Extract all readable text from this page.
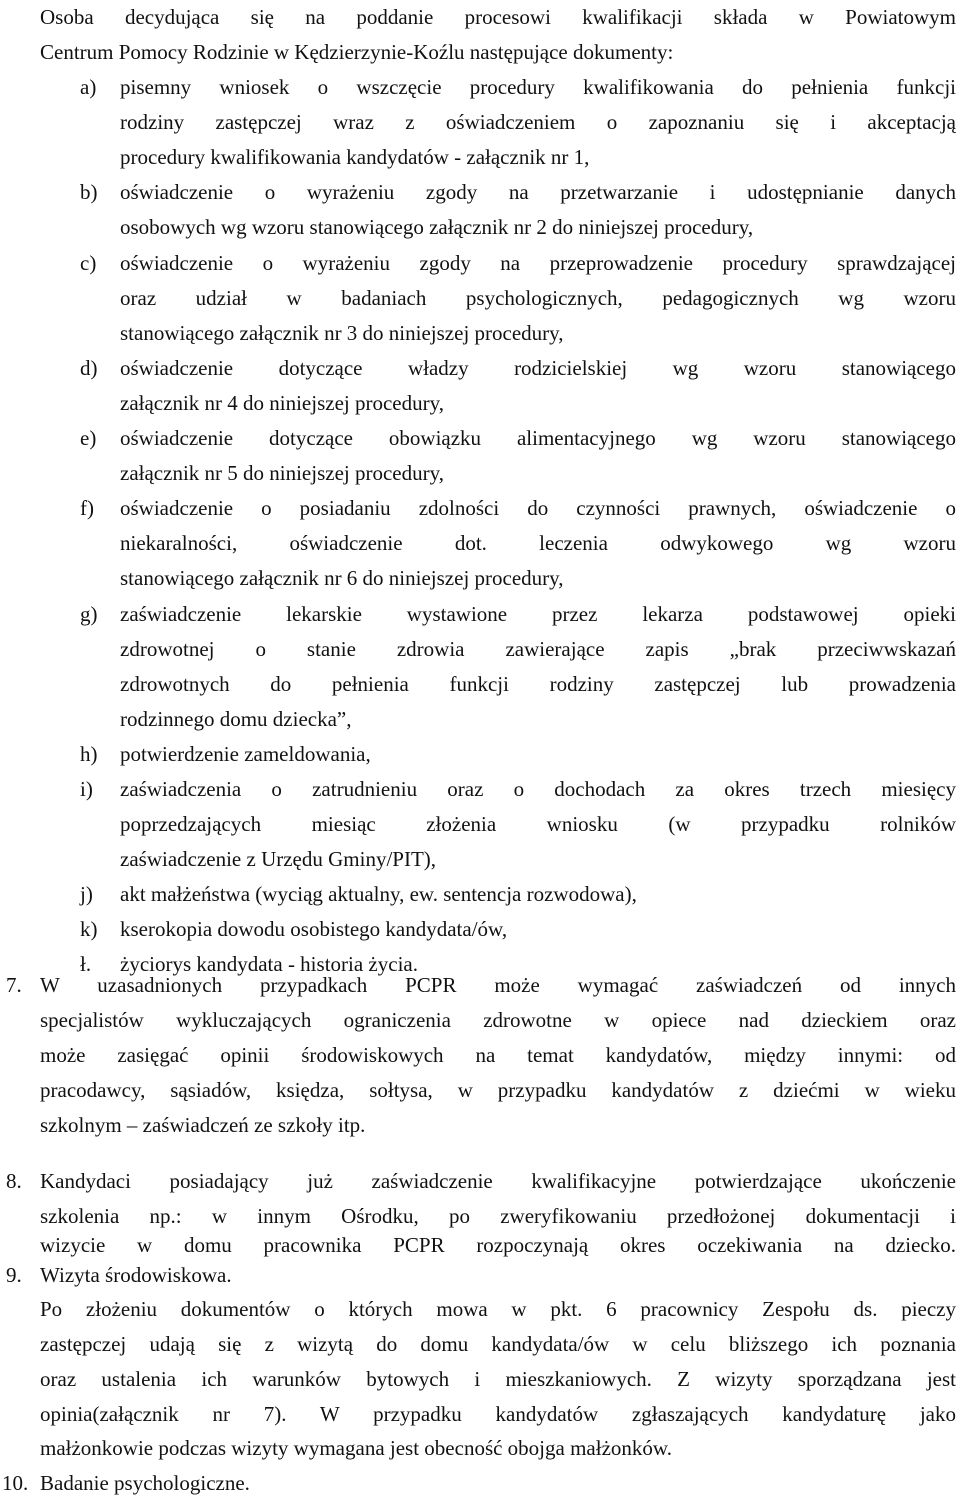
Osoba decydująca się na poddanie procesowi kwalifikacji składa w Powiatowym
Centrum Pomocy Rodzinie w Kędzierzynie-Koźlu następujące dokumenty:
a) pisemny wniosek o wszczęcie procedury kwalifikowania do pełnienia funkcji
rodziny zastępczej wraz z oświadczeniem o zapoznaniu się i akceptacją
procedury kwalifikowania kandydatów - załącznik nr 1,
b) oświadczenie o wyrażeniu zgody na przetwarzanie i udostępnianie danych
osobowych wg wzoru stanowiącego załącznik nr 2 do niniejszej procedury,
c) oświadczenie o wyrażeniu zgody na przeprowadzenie procedury sprawdzającej
oraz udział w badaniach psychologicznych, pedagogicznych wg wzoru
stanowiącego załącznik nr 3 do niniejszej procedury,
d) oświadczenie dotyczące władzy rodzicielskiej wg wzoru stanowiącego
załącznik nr 4 do niniejszej procedury,
e) oświadczenie dotyczące obowiązku alimentacyjnego wg wzoru stanowiącego
załącznik nr 5 do niniejszej procedury,
f) oświadczenie o posiadaniu zdolności do czynności prawnych, oświadczenie o
niekaralności, oświadczenie dot. leczenia odwykowego wg wzoru
stanowiącego załącznik nr 6 do niniejszej procedury,
g) zaświadczenie lekarskie wystawione przez lekarza podstawowej opieki
zdrowotnej o stanie zdrowia zawierające zapis „brak przeciwwskazań
zdrowotnych do pełnienia funkcji rodziny zastępczej lub prowadzenia
rodzinnego domu dziecka”,
h) potwierdzenie zameldowania,
i) zaświadczenia o zatrudnieniu oraz o dochodach za okres trzech miesięcy
poprzedzających miesiąc złożenia wniosku (w przypadku rolników
zaświadczenie z Urzędu Gminy/PIT),
j) akt małżeństwa (wyciąg aktualny, ew. sentencja rozwodowa),
k) kserokopia dowodu osobistego kandydata/ów,
ł. życiorys kandydata - historia życia.
7. W uzasadnionych przypadkach PCPR może wymagać zaświadczeń od innych
specjalistów wykluczających ograniczenia zdrowotne w opiece nad dzieckiem oraz
może zasięgać opinii środowiskowych na temat kandydatów, między innymi: od
pracodawcy, sąsiadów, księdza, sołtysa, w przypadku kandydatów z dziećmi w wieku
szkolnym – zaświadczeń ze szkoły itp.
8. Kandydaci posiadający już zaświadczenie kwalifikacyjne potwierdzające ukończenie
szkolenia np.: w innym Ośrodku, po zweryfikowaniu przedłożonej dokumentacji i
wizycie w domu pracownika PCPR rozpoczynają okres oczekiwania na dziecko.
9. Wizyta środowiskowa.
Po złożeniu dokumentów o których mowa w pkt. 6 pracownicy Zespołu ds. pieczy
zastępczej udają się z wizytą do domu kandydata/ów w celu bliższego ich poznania
oraz ustalenia ich warunków bytowych i mieszkaniowych. Z wizyty sporządzana jest
opinia(załącznik nr 7). W przypadku kandydatów zgłaszających kandydaturę jako
małżonkowie podczas wizyty wymagana jest obecność obojga małżonków.
10. Badanie psychologiczne.
